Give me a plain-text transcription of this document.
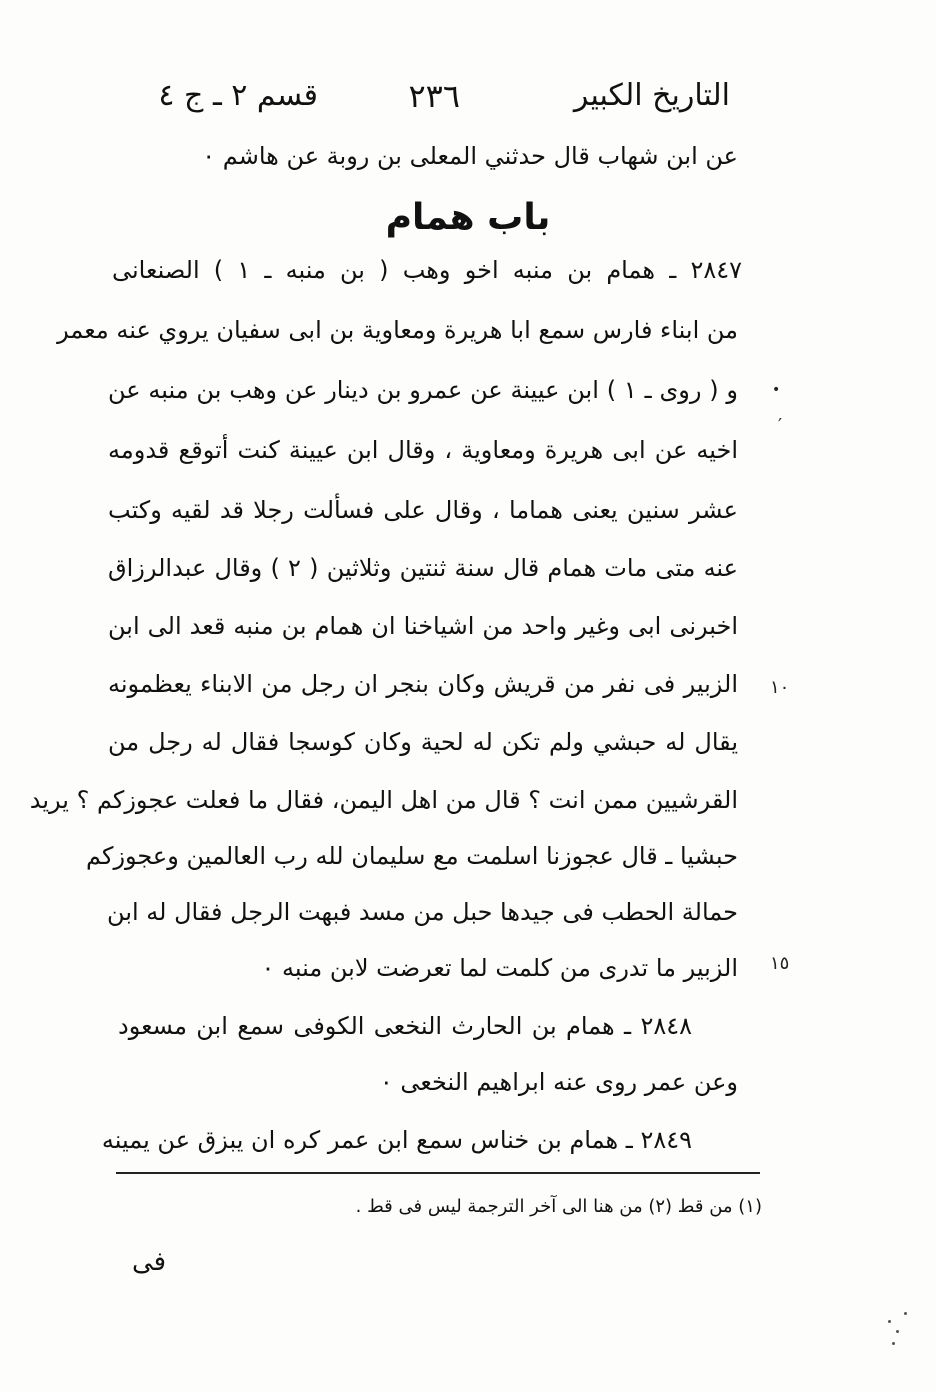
التاريخ الكبير
٢٣٦
قسم ٢ ـ ج ٤
عن ابن شهاب قال حدثني المعلى بن روبة عن هاشم ٠
باب همام
٢٨٤٧ ـ همام بن منبه اخو وهب ( بن منبه ـ ١ ) الصنعانى
من ابناء فارس سمع ابا هريرة ومعاوية بن ابى سفيان يروي عنه معمر
و ( روى ـ ١ ) ابن عيينة عن عمرو بن دينار عن وهب بن منبه عن
اخيه عن ابى هريرة ومعاوية ، وقال ابن عيينة كنت أتوقع قدومه
عشر سنين يعنى هماما ، وقال على فسألت رجلا قد لقيه وكتب
عنه متى مات همام قال سنة ثنتين وثلاثين ( ٢ ) وقال عبدالرزاق
اخبرنى ابى وغير واحد من اشياخنا ان همام بن منبه قعد الى ابن
الزبير فى نفر من قريش وكان بنجر ان رجل من الابناء يعظمونه
يقال له حبشي ولم تكن له لحية وكان كوسجا فقال له رجل من
القرشيين ممن انت ؟ قال من اهل اليمن، فقال ما فعلت عجوزكم ؟ يريد
حبشيا ـ قال عجوزنا اسلمت مع سليمان لله رب العالمين وعجوزكم
حمالة الحطب فى جيدها حبل من مسد فبهت الرجل فقال له ابن
الزبير ما تدرى من كلمت لما تعرضت لابن منبه ٠
٢٨٤٨ ـ همام بن الحارث النخعى الكوفى سمع ابن مسعود
وعن عمر روى عنه ابراهيم النخعى ٠
٢٨٤٩ ـ همام بن خناس سمع ابن عمر كره ان يبزق عن يمينه
•
′
١٠
١٥
(١) من قط (٢) من هنا الى آخر الترجمة ليس فى قط .
فى
